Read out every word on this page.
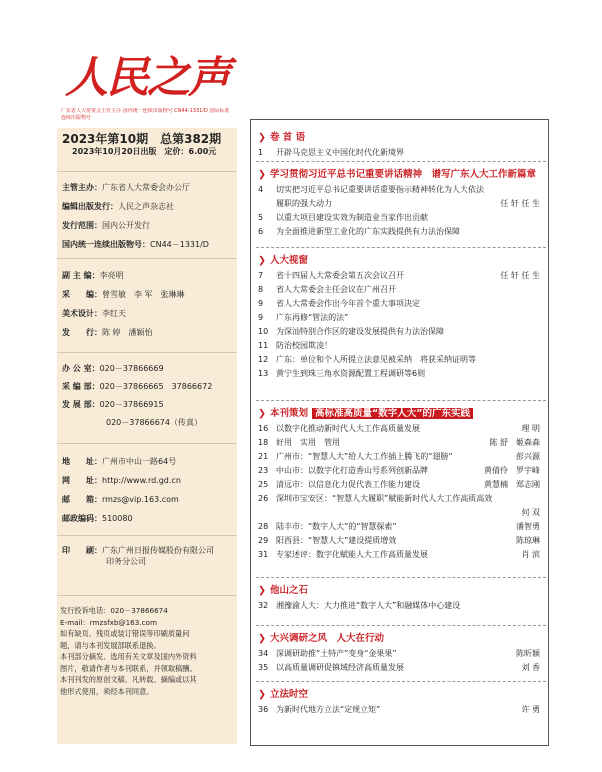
人民之声
广东省人大常委会主管主办 国内统一连续出版物号 CN44-1331/D 国际标准连续出版物号
2023年第10期　总第382期
2023年10月20日出版　定价：6.00元
主管主办：广东省人大常委会办公厅
编辑出版发行：人民之声杂志社
发行范围：国内公开发行
国内统一连续出版物号：CN44－1331/D
副 主 编：李亮明
采　　编：曾雪敏　李 军　张琳琳
美术设计：李红天
发　　行：陈 婷　潘颖怡
办 公 室：020－37866669
采 编 部：020－37866665　37866672
发 展 部：020－37866915
020－37866674（传真）
地　　址：广州市中山一路64号
网　　址：http://www.rd.gd.cn
邮　　箱：rmzs@vip.163.com
邮政编码：510080
印　　刷：广东广州日报传媒股份有限公司
印务分公司
发行投诉电话：020－37866674
E-mail：rmzsfxb@163.com
如有缺页、残页或装订错误等印刷质量问
题，请与本刊发展部联系退换。
本刊部分摘发、选用有关文章及国内外资料
图片，敬请作者与本刊联系，并领取稿酬。
本刊刊发的原创文稿、凡转载、摘编或以其
他形式使用，须经本刊同意。
❯ 卷 首 语
1 开辟马克思主义中国化时代化新境界
❯ 学习贯彻习近平总书记重要讲话精神　谱写广东人大工作新篇章
4 切实把习近平总书记重要讲话重要指示精神转化为人大依法
履职的强大动力	任 轩 任 生
5 以重大项目建设实效为制造业当家作出贡献
6 为全面推进新型工业化的广东实践提供有力法治保障
❯ 人大视窗
7 省十四届人大常委会第五次会议召开	任 轩 任 生
8 省人大常委会主任会议在广州召开
9 省人大常委会作出今年首个重大事项决定
9 广东再修“管法的法”
10 为深汕特别合作区的建设发展提供有力法治保障
11 防治校园欺凌！
12 广东：单位和个人所提立法意见被采纳　将获采纳证明等
13 黄宁生到珠三角水资源配置工程调研等6则
❯ 本刊策划 高标准高质量“数字人大”的广东实践
16 以数字化推动新时代人大工作高质量发展	理 明
18 好用　实用　管用	陈 舒　姬森森
21 广州市：“智慧人大”给人大工作插上腾飞的“翅膀”	彭兴源
23 中山市：以数字化打造香山号系列创新品牌	黄倩伶　罗宇峰
25 清远市：以信息化力促代表工作能力建设	黄慧楠　郑志刚
26 深圳市宝安区：“智慧人大履职”赋能新时代人大工作高质高效
何 双
28 陆丰市：“数字人大”的“智慧探索”	潘智勇
29 阳西县：“智慧人大”建设提质增效	陈琼琳
31 专家述评：数字化赋能人大工作高质量发展	肖 滨
❯ 他山之石
32 湘豫渝人大：大力推进“数字人大”和融媒体中心建设
❯ 大兴调研之风　人大在行动
34 深调研助推“土特产”变身“金果果”	陈昕颖
35 以高质量调研促镇域经济高质量发展	刘 香
❯ 立法时空
36 为新时代地方立法“定规立矩”	许 勇
